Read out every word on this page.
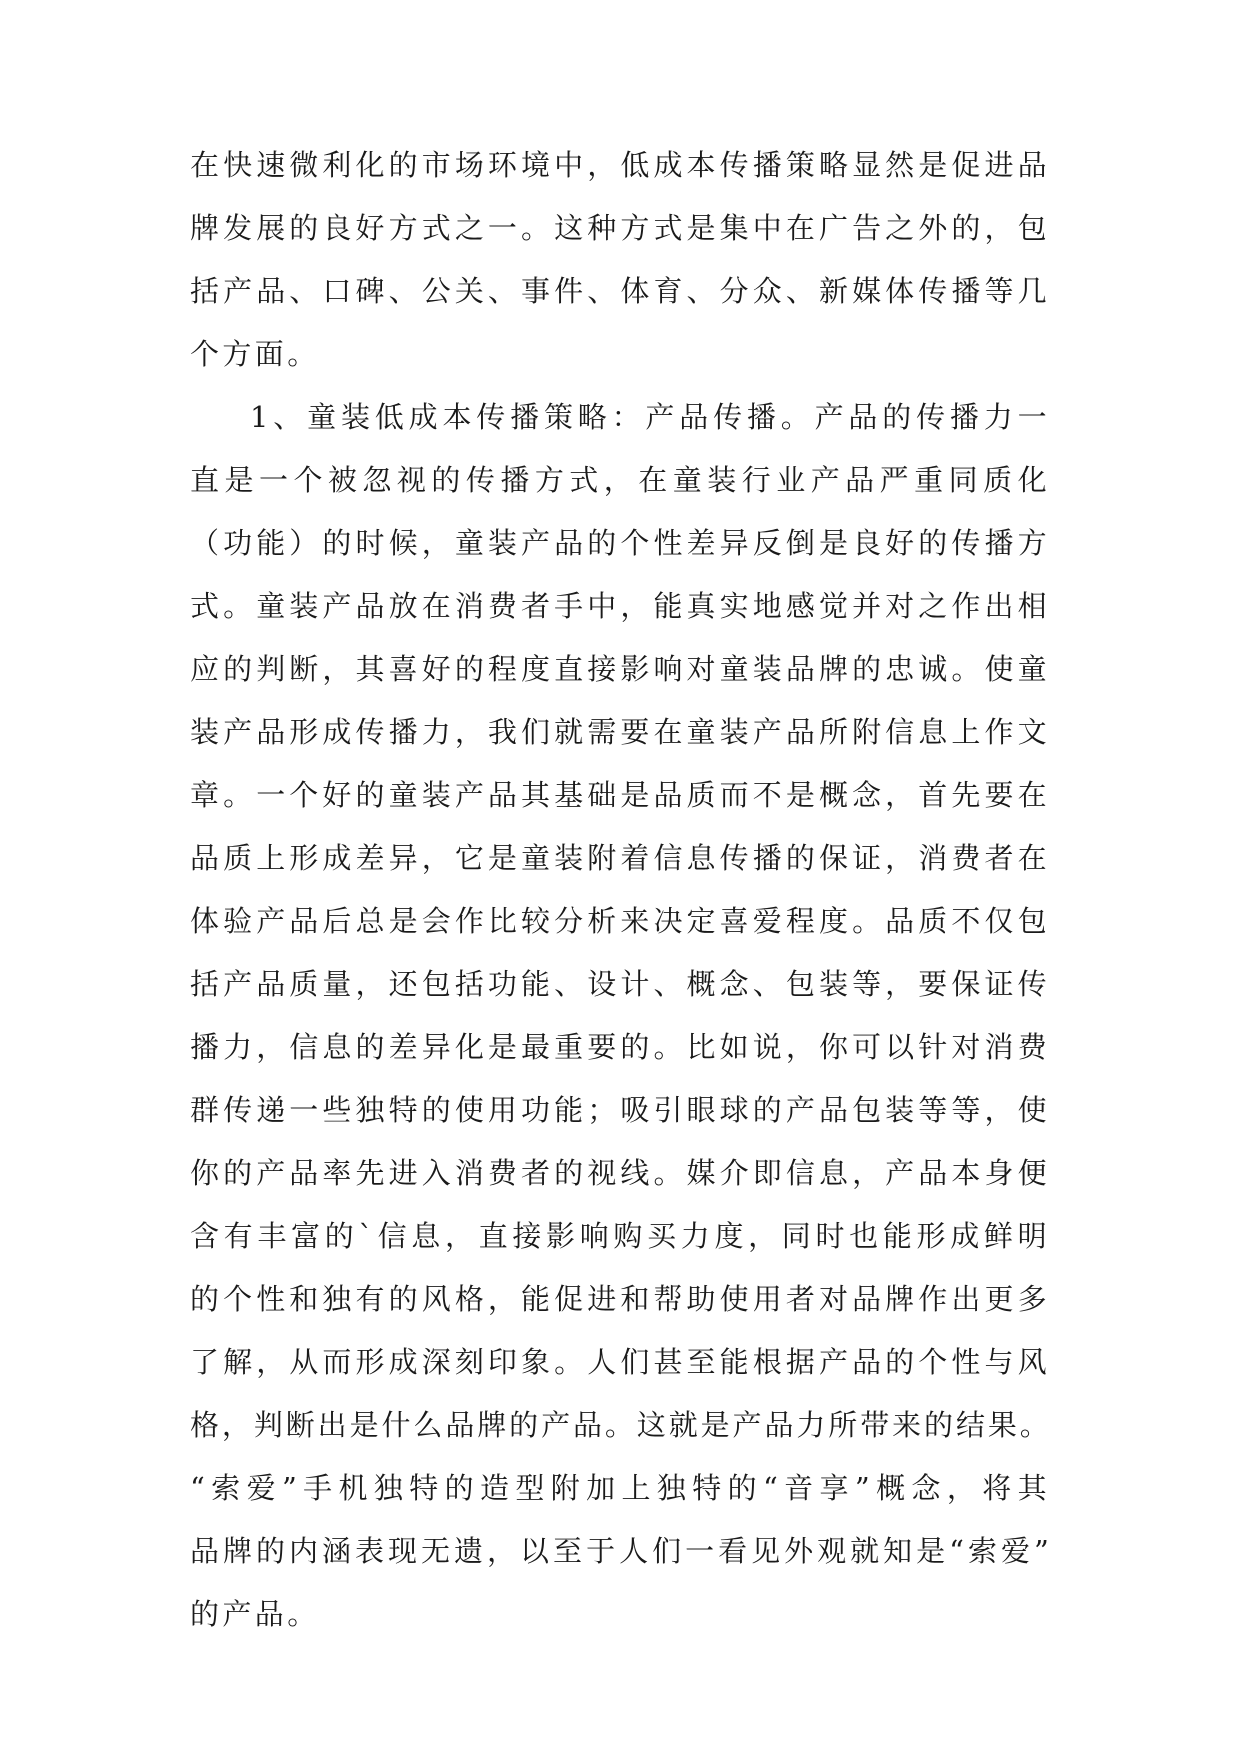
在快速微利化的市场环境中，低成本传播策略显然是促进品
牌发展的良好方式之一。这种方式是集中在广告之外的，包
括产品、口碑、公关、事件、体育、分众、新媒体传播等几
个方面。
1、童装低成本传播策略：产品传播。产品的传播力一
直是一个被忽视的传播方式，在童装行业产品严重同质化
（功能）的时候，童装产品的个性差异反倒是良好的传播方
式。童装产品放在消费者手中，能真实地感觉并对之作出相
应的判断，其喜好的程度直接影响对童装品牌的忠诚。使童
装产品形成传播力，我们就需要在童装产品所附信息上作文
章。一个好的童装产品其基础是品质而不是概念，首先要在
品质上形成差异，它是童装附着信息传播的保证，消费者在
体验产品后总是会作比较分析来决定喜爱程度。品质不仅包
括产品质量，还包括功能、设计、概念、包装等，要保证传
播力，信息的差异化是最重要的。比如说，你可以针对消费
群传递一些独特的使用功能；吸引眼球的产品包装等等，使
你的产品率先进入消费者的视线。媒介即信息，产品本身便
含有丰富的`信息，直接影响购买力度，同时也能形成鲜明
的个性和独有的风格，能促进和帮助使用者对品牌作出更多
了解，从而形成深刻印象。人们甚至能根据产品的个性与风
格，判断出是什么品牌的产品。这就是产品力所带来的结果。
“索爱”手机独特的造型附加上独特的“音享”概念，将其
品牌的内涵表现无遗，以至于人们一看见外观就知是“索爱”
的产品。
